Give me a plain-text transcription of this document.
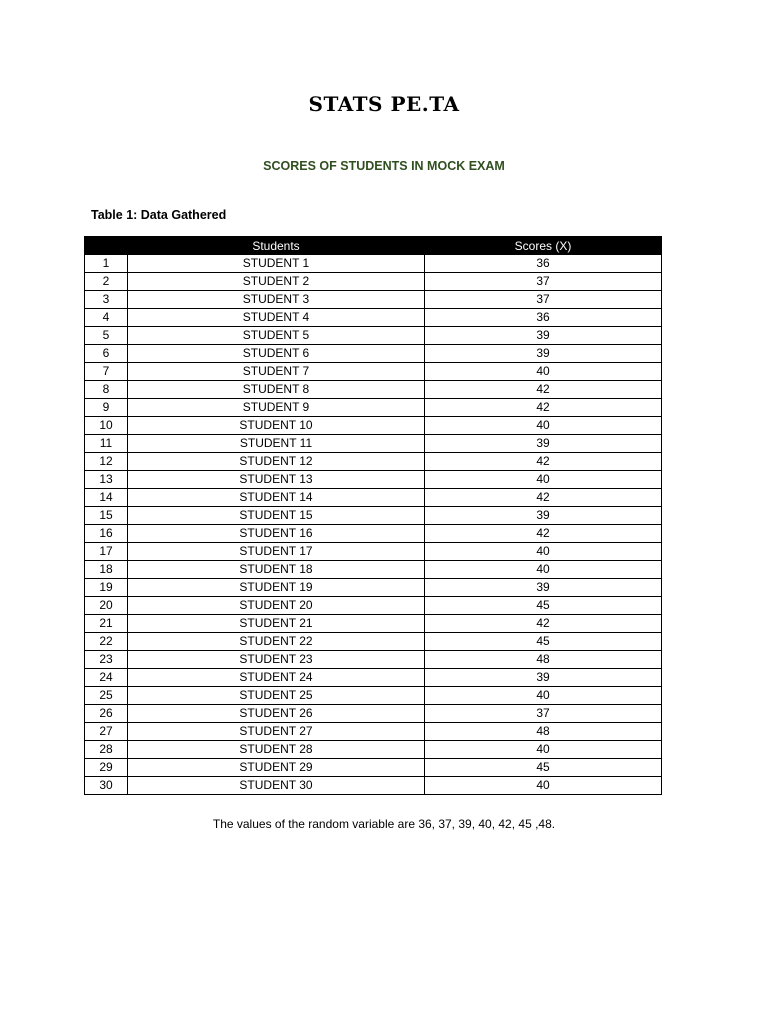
STATS PE.TA
SCORES OF STUDENTS IN MOCK EXAM
Table 1: Data Gathered
	Students	Scores (X)
1	STUDENT 1	36
2	STUDENT 2	37
3	STUDENT 3	37
4	STUDENT 4	36
5	STUDENT 5	39
6	STUDENT 6	39
7	STUDENT 7	40
8	STUDENT 8	42
9	STUDENT 9	42
10	STUDENT 10	40
11	STUDENT 11	39
12	STUDENT 12	42
13	STUDENT 13	40
14	STUDENT 14	42
15	STUDENT 15	39
16	STUDENT 16	42
17	STUDENT 17	40
18	STUDENT 18	40
19	STUDENT 19	39
20	STUDENT 20	45
21	STUDENT 21	42
22	STUDENT 22	45
23	STUDENT 23	48
24	STUDENT 24	39
25	STUDENT 25	40
26	STUDENT 26	37
27	STUDENT 27	48
28	STUDENT 28	40
29	STUDENT 29	45
30	STUDENT 30	40
The values of the random variable are 36, 37, 39, 40, 42, 45 ,48.
